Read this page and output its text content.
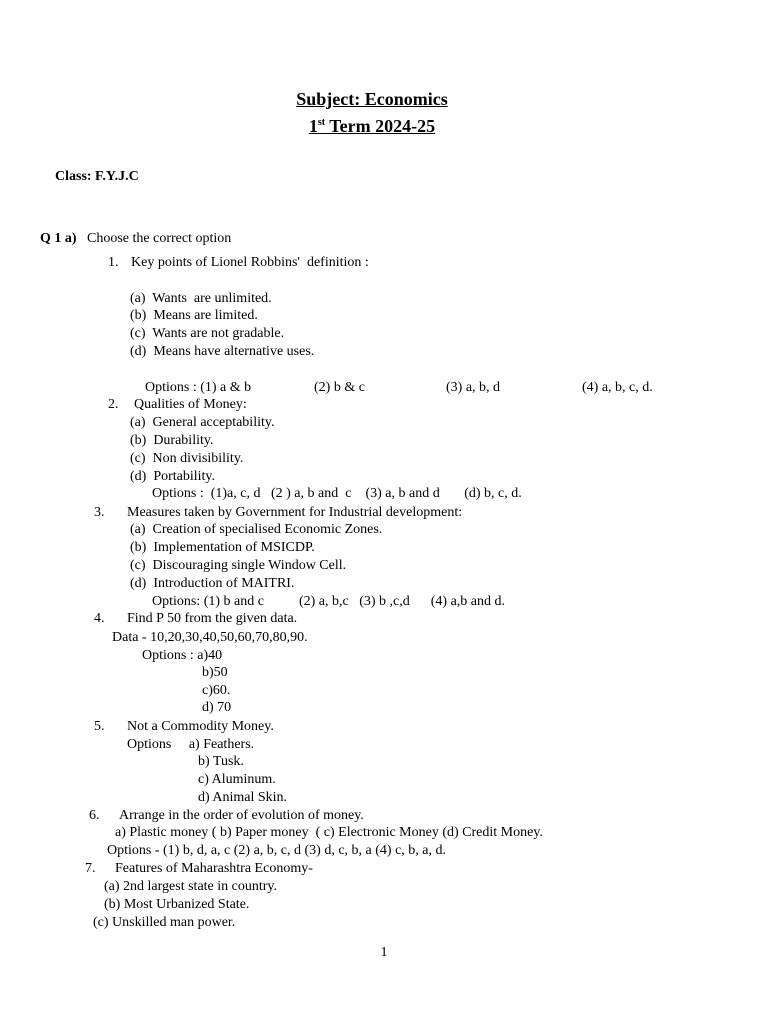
Subject: Economics
1st Term 2024-25
Class: F.Y.J.C
Q 1 a) Choose the correct option
1. Key points of Lionel Robbins'  definition :
(a)  Wants  are unlimited.
(b)  Means are limited.
(c)  Wants are not gradable.
(d)  Means have alternative uses.
Options : (1) a & b	(2) b & c	(3) a, b, d	(4) a, b, c, d.
2. Qualities of Money:
(a)  General acceptability.
(b)  Durability.
(c)  Non divisibility.
(d)  Portability.
Options :  (1)a, c, d   (2 ) a, b and  c    (3) a, b and d       (d) b, c, d.
3. Measures taken by Government for Industrial development:
(a)  Creation of specialised Economic Zones.
(b)  Implementation of MSICDP.
(c)  Discouraging single Window Cell.
(d)  Introduction of MAITRI.
Options: (1) b and c          (2) a, b,c   (3) b ,c,d      (4) a,b and d.
4. Find P 50 from the given data.
Data - 10,20,30,40,50,60,70,80,90.
Options : a)40
b)50
c)60.
d) 70
5. Not a Commodity Money.
Options     a) Feathers.
b) Tusk.
c) Aluminum.
d) Animal Skin.
6. Arrange in the order of evolution of money.
a) Plastic money ( b) Paper money  ( c) Electronic Money (d) Credit Money.
Options - (1) b, d, a, c (2) a, b, c, d (3) d, c, b, a (4) c, b, a, d.
7. Features of Maharashtra Economy-
(a) 2nd largest state in country.
(b) Most Urbanized State.
(c) Unskilled man power.
1
